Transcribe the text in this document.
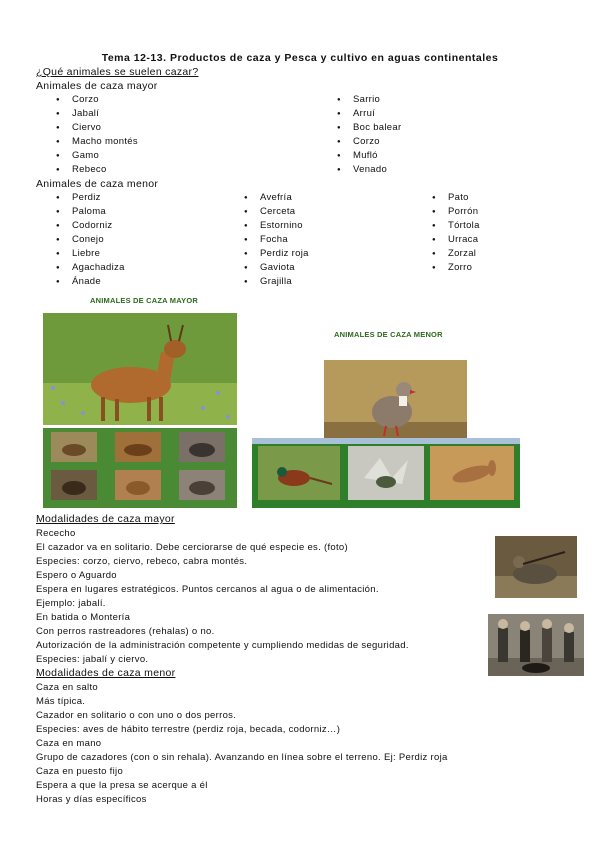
Tema 12-13. Productos de caza y Pesca y cultivo en aguas continentales
¿Qué animales se suelen cazar?
Animales de caza mayor
● Corzo
● Jabalí
● Ciervo
● Macho montés
● Gamo
● Rebeco
● Sarrio
● Arruí
● Boc balear
● Corzo
● Mufló
● Venado
Animales de caza menor
● Perdiz
● Paloma
● Codorniz
● Conejo
● Liebre
● Agachadiza
● Ánade
● Avefría
● Cerceta
● Estornino
● Focha
● Perdiz roja
● Gaviota
● Grajilla
● Pato
● Porrón
● Tórtola
● Urraca
● Zorzal
● Zorro
ANIMALES DE CAZA MAYOR
ANIMALES DE CAZA MENOR
Modalidades de caza mayor
Rececho
El cazador va en solitario. Debe cerciorarse de qué especie es. (foto)
Especies: corzo, ciervo, rebeco, cabra montés.
Espero o Aguardo
Espera en lugares estratégicos. Puntos cercanos al agua o de alimentación.
Ejemplo: jabalí.
En batida o Montería
Con perros rastreadores (rehalas) o no.
Autorización de la administración competente y cumpliendo medidas de seguridad.
Especies: jabalí y ciervo.
Modalidades de caza menor
Caza en salto
Más típica.
Cazador en solitario o con uno o dos perros.
Especies: aves de hábito terrestre (perdiz roja, becada, codorniz…)
Caza en mano
Grupo de cazadores (con o sin rehala). Avanzando en línea sobre el terreno. Ej: Perdiz roja
Caza en puesto fijo
Espera a que la presa se acerque a él
Horas y días específicos
